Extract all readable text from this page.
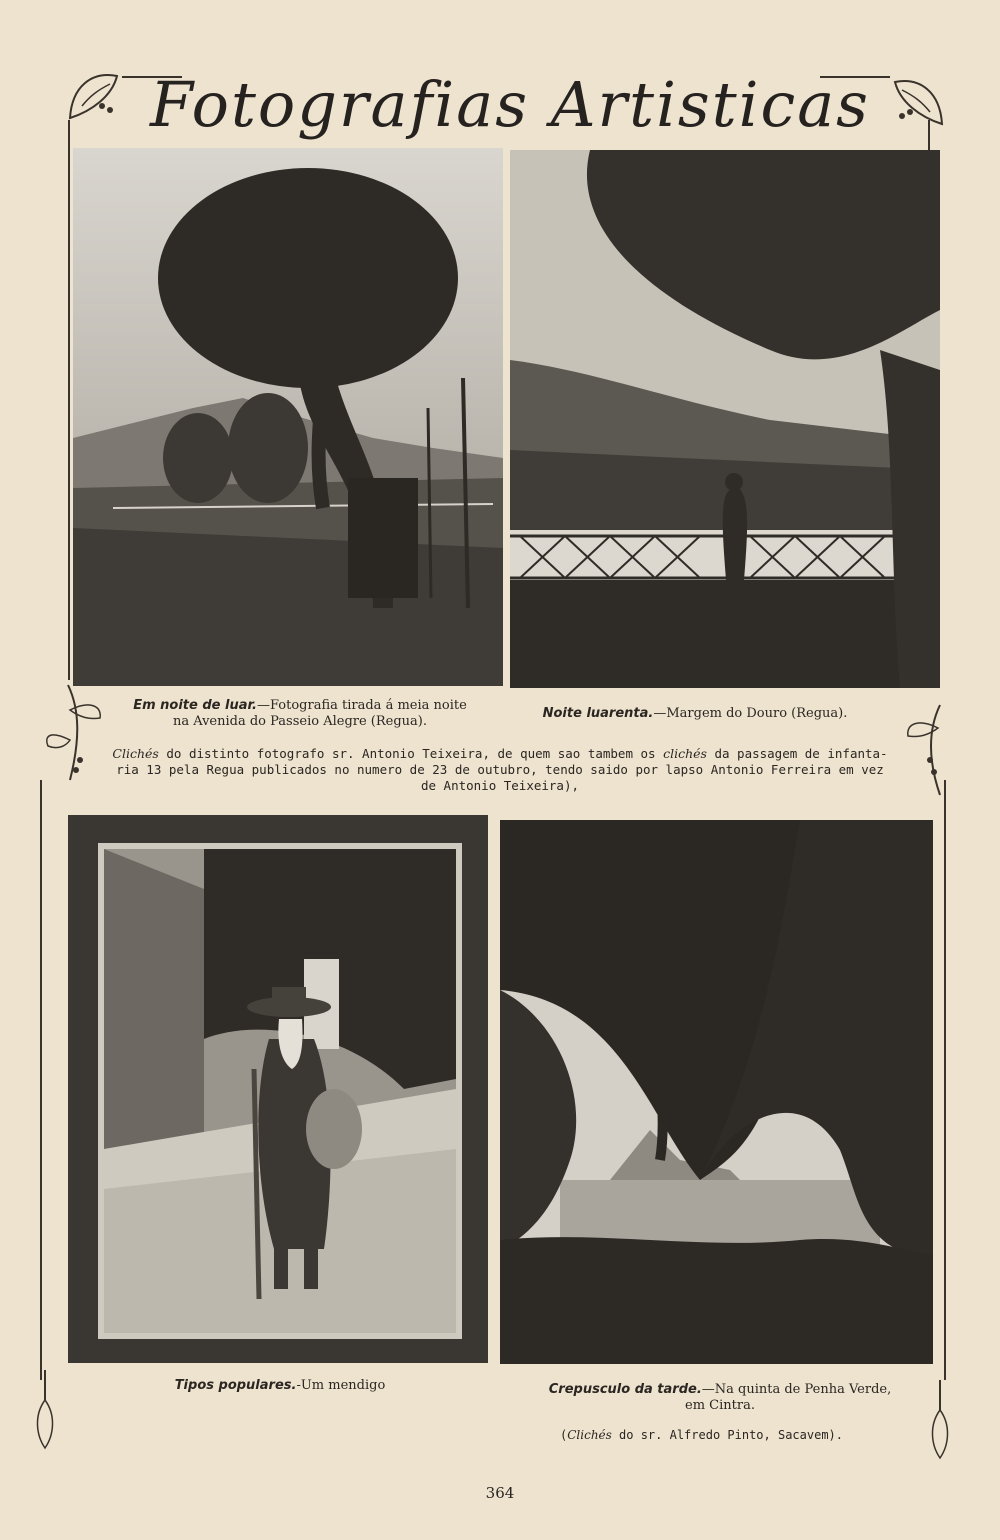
Fotografias Artisticas
Em noite de luar.—Fotografia tirada á meia noite
na Avenida do Passeio Alegre (Regua).
Noite luarenta.—Margem do Douro (Regua).
Clichés do distinto fotografo sr. Antonio Teixeira, de quem sao tambem os clichés da passagem de infanta-
ria 13 pela Regua publicados no numero de 23 de outubro, tendo saido por lapso Antonio Ferreira em vez
de Antonio Teixeira),
Tipos populares.-Um mendigo	Crepusculo da tarde.—Na quinta de Penha Verde,
em Cintra.
(Clichés do sr. Alfredo Pinto, Sacavem).
364
